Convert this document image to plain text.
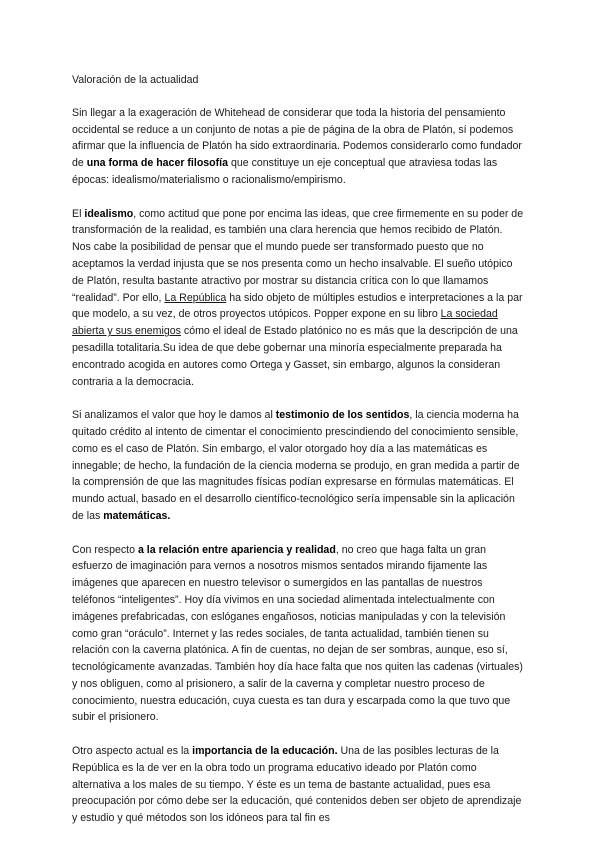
Valoración de la actualidad

Sin llegar a la exageración de Whitehead de considerar que toda la historia del pensamiento occidental se reduce a un conjunto de notas a pie de página de la obra de Platón, sí podemos afirmar que la influencia de Platón ha sido extraordinaria. Podemos considerarlo como fundador de una forma de hacer filosofía que constituye un eje conceptual que atraviesa todas las épocas: idealismo/materialismo o racionalismo/empirismo.

El idealismo, como actitud que pone por encima las ideas, que cree firmemente en su poder de transformación de la realidad, es también una clara herencia que hemos recibido de Platón. Nos cabe la posibilidad de pensar que el mundo puede ser transformado puesto que no aceptamos la verdad injusta que se nos presenta como un hecho insalvable. El sueño utópico de Platón, resulta bastante atractivo por mostrar su distancia crítica con lo que llamamos “realidad”. Por ello, La República ha sido objeto de múltiples estudios e interpretaciones a la par que modelo, a su vez, de otros proyectos utópicos. Popper expone en su libro La sociedad abierta y sus enemigos cómo el ideal de Estado platónico no es más que la descripción de una pesadilla totalitaria.Su idea de que debe gobernar una minoría especialmente preparada ha encontrado acogida en autores como Ortega y Gasset, sin embargo, algunos la consideran contraria a la democracia.

Si analizamos el valor que hoy le damos al testimonio de los sentidos, la ciencia moderna ha quitado crédito al intento de cimentar el conocimiento prescindiendo del conocimiento sensible, como es el caso de Platón. Sin embargo, el valor otorgado hoy día a las matemáticas es innegable; de hecho, la fundación de la ciencia moderna se produjo, en gran medida a partir de la comprensión de que las magnitudes físicas podían expresarse en fórmulas matemáticas. El mundo actual, basado en el desarrollo científico-tecnológico sería impensable sin la aplicación de las matemáticas.

Con respecto a la relación entre apariencia y realidad, no creo que haga falta un gran esfuerzo de imaginación para vernos a nosotros mismos sentados mirando fijamente las imágenes que aparecen en nuestro televisor o sumergidos en las pantallas de nuestros teléfonos “inteligentes”. Hoy día vivimos en una sociedad alimentada intelectualmente con imágenes prefabricadas, con eslóganes engañosos, noticias manipuladas y con la televisión como gran “oráculo”. Internet y las redes sociales, de tanta actualidad, también tienen su relación con la caverna platónica. A fin de cuentas, no dejan de ser sombras, aunque, eso sí, tecnológicamente avanzadas. También hoy día hace falta que nos quiten las cadenas (virtuales) y nos obliguen, como al prisionero, a salir de la caverna y completar nuestro proceso de conocimiento, nuestra educación, cuya cuesta es tan dura y escarpada como la que tuvo que subir el prisionero.

Otro aspecto actual es la importancia de la educación. Una de las posibles lecturas de la República es la de ver en la obra todo un programa educativo ideado por Platón como alternativa a los males de su tiempo. Y éste es un tema de bastante actualidad, pues esa preocupación por cómo debe ser la educación, qué contenidos deben ser objeto de aprendizaje y estudio y qué métodos son los idóneos para tal fin es
